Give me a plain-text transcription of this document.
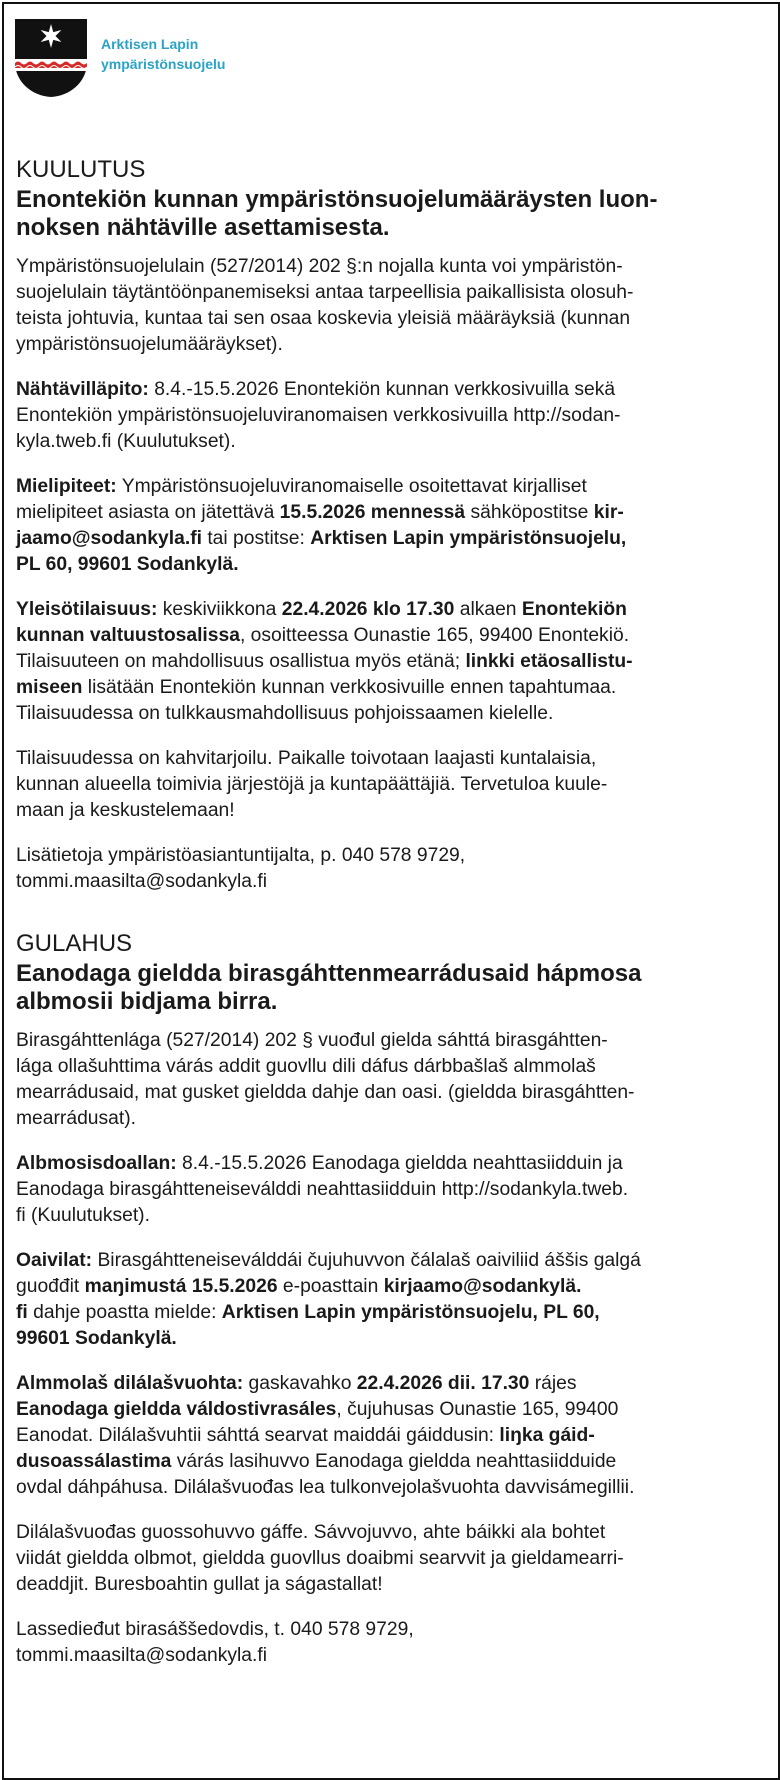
Arktisen Lapin
ympäristönsuojelu
KUULUTUS
Enontekiön kunnan ympäristönsuojelumääräysten luon-
noksen nähtäville asettamisesta.

Ympäristönsuojelulain (527/2014) 202 §:n nojalla kunta voi ympäristön-
suojelulain täytäntöönpanemiseksi antaa tarpeellisia paikallisista olosuh-
teista johtuvia, kuntaa tai sen osaa koskevia yleisiä määräyksiä (kunnan
ympäristönsuojelumääräykset).

Nähtävilläpito: 8.4.-15.5.2026 Enontekiön kunnan verkkosivuilla sekä
Enontekiön ympäristönsuojeluviranomaisen verkkosivuilla http://sodan-
kyla.tweb.fi (Kuulutukset).

Mielipiteet: Ympäristönsuojeluviranomaiselle osoitettavat kirjalliset
mielipiteet asiasta on jätettävä 15.5.2026 mennessä sähköpostitse kir-
jaamo@sodankyla.fi tai postitse: Arktisen Lapin ympäristönsuojelu,
PL 60, 99601 Sodankylä.

Yleisötilaisuus: keskiviikkona 22.4.2026 klo 17.30 alkaen Enontekiön
kunnan valtuustosalissa, osoitteessa Ounastie 165, 99400 Enontekiö.
Tilaisuuteen on mahdollisuus osallistua myös etänä; linkki etäosallistu-
miseen lisätään Enontekiön kunnan verkkosivuille ennen tapahtumaa.
Tilaisuudessa on tulkkausmahdollisuus pohjoissaamen kielelle.

Tilaisuudessa on kahvitarjoilu. Paikalle toivotaan laajasti kuntalaisia,
kunnan alueella toimivia järjestöjä ja kuntapäättäjiä. Tervetuloa kuule-
maan ja keskustelemaan!

Lisätietoja ympäristöasiantuntijalta, p. 040 578 9729,
tommi.maasilta@sodankyla.fi

GULAHUS
Eanodaga gieldda birasgáhttenmearrádusaid hápmosa
albmosii bidjama birra.

Birasgáhttenlága (527/2014) 202 § vuođul gielda sáhttá birasgáhtten-
lága ollašuhttima várás addit guovllu dili dáfus dárbbašlaš almmolaš
mearrádusaid, mat gusket gieldda dahje dan oasi. (gieldda birasgáhtten-
mearrádusat).

Albmosisdoallan: 8.4.-15.5.2026 Eanodaga gieldda neahttasiidduin ja
Eanodaga birasgáhtteneiseválddi neahttasiidduin http://sodankyla.tweb.
fi (Kuulutukset).

Oaivilat: Birasgáhtteneiseválddái čujuhuvvon čálalaš oaiviliid áššis galgá
guođđit maŋimustá 15.5.2026 e-poasttain kirjaamo@sodankylä.
fi dahje poastta mielde: Arktisen Lapin ympäristönsuojelu, PL 60,
99601 Sodankylä.

Almmolaš dilálašvuohta: gaskavahko 22.4.2026 dii. 17.30 rájes
Eanodaga gieldda váldostivrasáles, čujuhusas Ounastie 165, 99400
Eanodat. Dilálašvuhtii sáhttá searvat maiddái gáiddusin: liŋka gáid-
dusoassálastima várás lasihuvvo Eanodaga gieldda neahttasiidduide
ovdal dáhpáhusa. Dilálašvuođas lea tulkonvejolašvuohta davvisámegillii.

Dilálašvuođas guossohuvvo gáffe. Sávvojuvvo, ahte báikki ala bohtet
viidát gieldda olbmot, gieldda guovllus doaibmi searvvit ja gieldamearri-
deaddjit. Buresboahtin gullat ja ságastallat!

Lassedieđut birasáššedovdis, t. 040 578 9729,
tommi.maasilta@sodankyla.fi
